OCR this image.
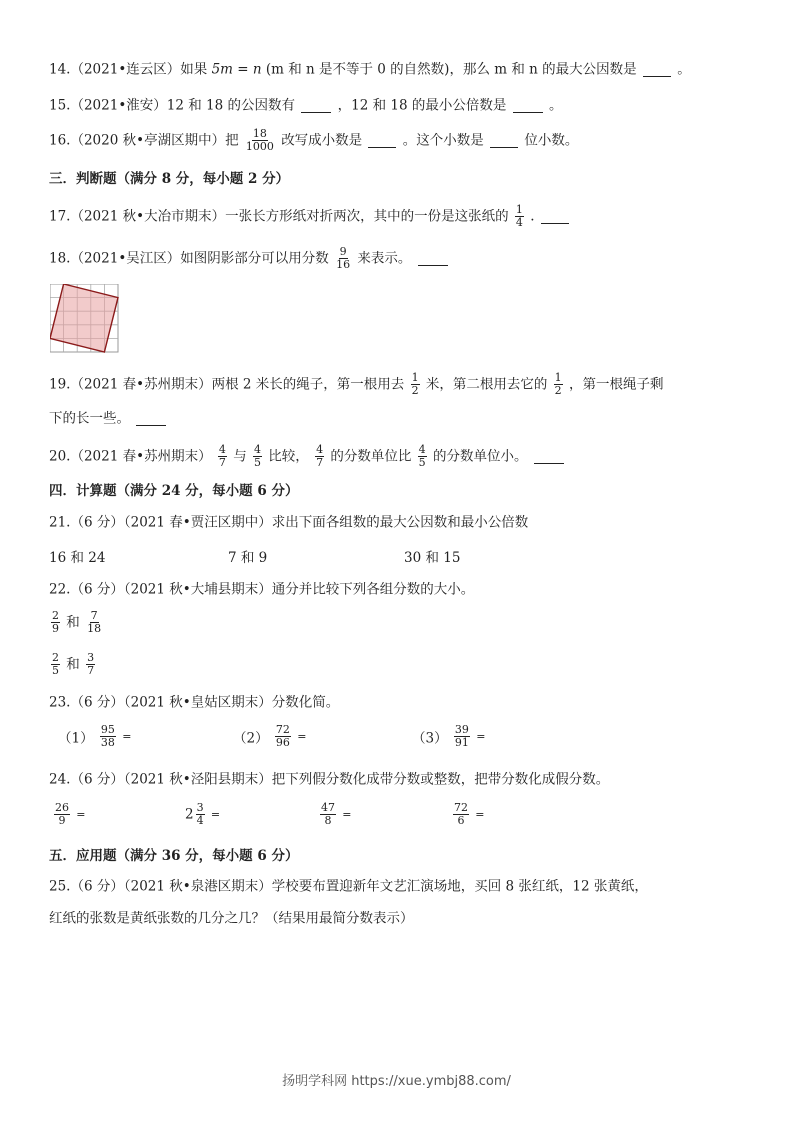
14.（2021•连云区）如果 5m = n (m 和 n 是不等于 0 的自然数)，那么 m 和 n 的最大公因数是	。
15.（2021•淮安）12 和 18 的公因数有	，12 和 18 的最小公倍数是	。
16.（2020 秋•亭湖区期中）把 $\frac{18}{1000}$ 改写成小数是	。这个小数是	位小数。
三．判断题（满分 8 分，每小题 2 分）
17.（2021 秋•大冶市期末）一张长方形纸对折两次，其中的一份是这张纸的 $\frac{1}{4}$ .
18.（2021•吴江区）如图阴影部分可以用分数 $\frac{9}{16}$ 来表示。
19.（2021 春•苏州期末）两根 2 米长的绳子，第一根用去 $\frac{1}{2}$ 米，第二根用去它的 $\frac{1}{2}$ ，第一根绳子剩
下的长一些。
20.（2021 春•苏州期末） $\frac{4}{7}$ 与 $\frac{4}{5}$ 比较， $\frac{4}{7}$ 的分数单位比 $\frac{4}{5}$ 的分数单位小。
四．计算题（满分 24 分，每小题 6 分）
21.（6 分）（2021 春•贾汪区期中）求出下面各组数的最大公因数和最小公倍数
16 和 24	7 和 9	30 和 15
22.（6 分）（2021 秋•大埔县期末）通分并比较下列各组分数的大小。
$\frac{2}{9}$ 和 $\frac{7}{18}$
$\frac{2}{5}$ 和 $\frac{3}{7}$
23.（6 分）（2021 秋•皇姑区期末）分数化简。
$(1) \frac{95}{38}$ =	$(2) \frac{72}{96}$ =	$(3) \frac{39}{91}$ =
24.（6 分）（2021 秋•泾阳县期末）把下列假分数化成带分数或整数，把带分数化成假分数。
$\frac{26}{9}$ =	$2 \frac{3}{4}$ =	$\frac{47}{8}$ =	$\frac{72}{6}$ =
五．应用题（满分 36 分，每小题 6 分）
25.（6 分）（2021 秋•泉港区期末）学校要布置迎新年文艺汇演场地，买回 8 张红纸，12 张黄纸，
红纸的张数是黄纸张数的几分之几？（结果用最简分数表示）
扬明学科网 https://xue.ymbj88.com/
